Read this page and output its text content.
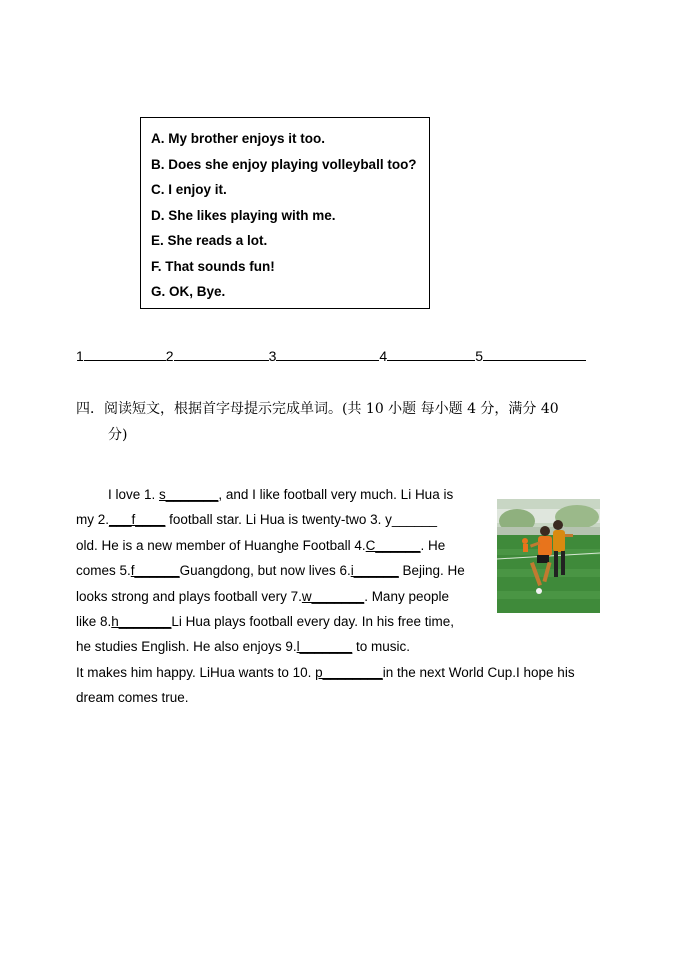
A. My brother enjoys it too.
B. Does she enjoy playing volleyball too?
C. I enjoy it.
D. She likes playing with me.
E. She reads a lot.
F. That sounds fun!
G. OK, Bye.
1	2	3	4	5
四．阅读短文，根据首字母提示完成单词。(共 10 小题 每小题 4 分，满分 40
分)
I love 1. s_______, and I like football very much. Li Hua is
my 2.___f____ football star. Li Hua is twenty-two 3. y______
old. He is a new member of Huanghe Football 4.C______. He
comes 5.f______Guangdong, but now lives 6.i______ Bejing. He
looks strong and plays football very 7.w_______. Many people
like 8.h_______Li Hua plays football every day. In his free time,
he studies English. He also enjoys 9.l_______ to music.
It makes him happy. LiHua wants to 10. p________in the next World Cup.I hope his
dream comes true.
